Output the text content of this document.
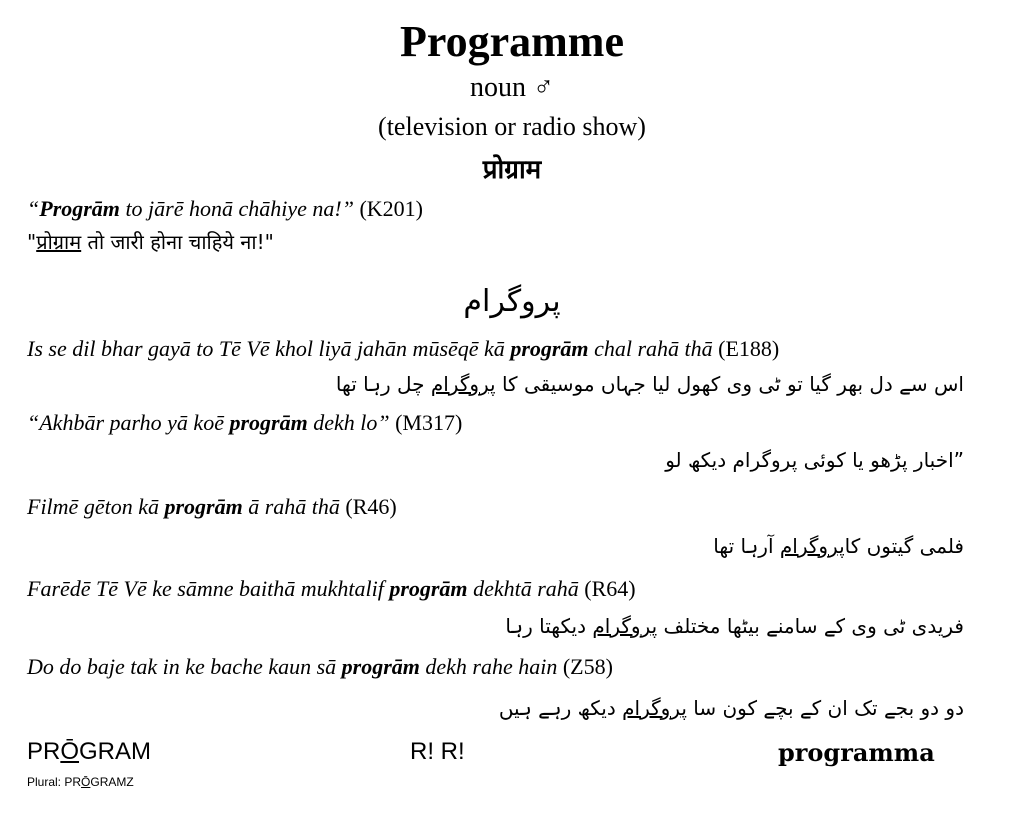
Programme
noun ♂
(television or radio show)
प्रोग्राम
“Progrām to jārē honā chāhiye na!” (K201)
"प्रोग्राम तो जारी होना चाहिये ना!"
پروگرام
Is se dil bhar gayā to Tē Vē khol liyā jahān mūsēqē kā progrām chal rahā thā (E188)
اس سے دل بھر گیا تو ٹی وی کھول لیا جہاں موسیقی کا پروگرام چل رہا تھا
“Akhbār parho yā koē progrām dekh lo” (M317)
”اخبار پڑھو یا کوئی پروگرام دیکھ لو
Filmē gēton kā progrām ā rahā thā (R46)
فلمی گیتوں کاپروگرام آرہا تھا
Farēdē Tē Vē ke sāmne baithā mukhtalif progrām dekhtā rahā (R64)
فریدی ٹی وی کے سامنے بیٹھا مختلف پروگرام دیکھتا رہا
Do do baje tak in ke bache kaun sā progrām dekh rahe hain (Z58)
دو دو بجے تک ان کے بچے کون سا پروگرام دیکھ رہے ہیں
PRŌGRAM
Plural: PRŌGRAMZ
R! R!	programma
